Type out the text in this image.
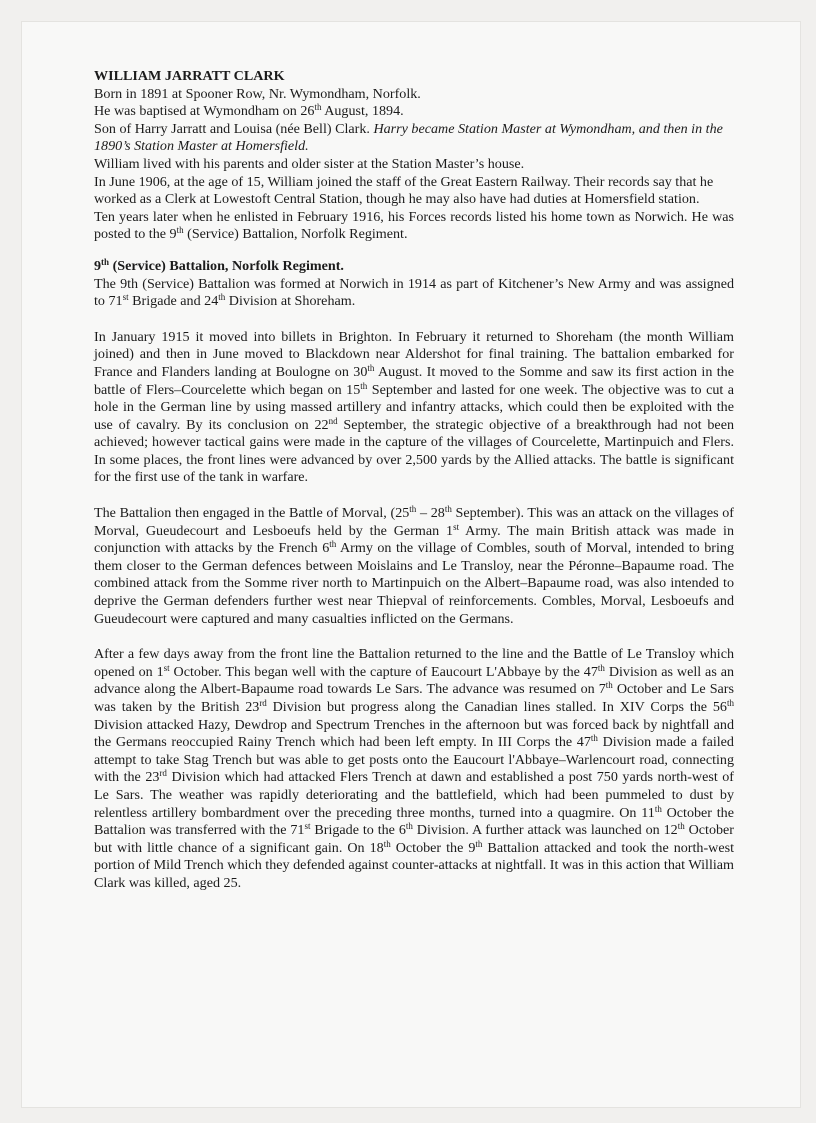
WILLIAM JARRATT CLARK

Born in 1891 at Spooner Row, Nr. Wymondham, Norfolk.

He was baptised at Wymondham on 26th August, 1894.

Son of Harry Jarratt and Louisa (née Bell) Clark. Harry became Station Master at Wymondham, and then in the 1890’s Station Master at Homersfield.

William lived with his parents and older sister at the Station Master’s house.

In June 1906, at the age of 15, William joined the staff of the Great Eastern Railway. Their records say that he worked as a Clerk at Lowestoft Central Station, though he may also have had duties at Homersfield station.

Ten years later when he enlisted in February 1916, his Forces records listed his home town as Norwich. He was posted to the 9th (Service) Battalion, Norfolk Regiment.

9th (Service) Battalion, Norfolk Regiment.

The 9th (Service) Battalion was formed at Norwich in 1914 as part of Kitchener’s New Army and was assigned to 71st Brigade and 24th Division at Shoreham.

In January 1915 it moved into billets in Brighton. In February it returned to Shoreham (the month William joined) and then in June moved to Blackdown near Aldershot for final training. The battalion embarked for France and Flanders landing at Boulogne on 30th August. It moved to the Somme and saw its first action in the battle of Flers–Courcelette which began on 15th September and lasted for one week. The objective was to cut a hole in the German line by using massed artillery and infantry attacks, which could then be exploited with the use of cavalry. By its conclusion on 22nd September, the strategic objective of a breakthrough had not been achieved; however tactical gains were made in the capture of the villages of Courcelette, Martinpuich and Flers. In some places, the front lines were advanced by over 2,500 yards by the Allied attacks. The battle is significant for the first use of the tank in warfare.

The Battalion then engaged in the Battle of Morval, (25th – 28th September). This was an attack on the villages of Morval, Gueudecourt and Lesboeufs held by the German 1st Army. The main British attack was made in conjunction with attacks by the French 6th Army on the village of Combles, south of Morval, intended to bring them closer to the German defences between Moislains and Le Transloy, near the Péronne–Bapaume road. The combined attack from the Somme river north to Martinpuich on the Albert–Bapaume road, was also intended to deprive the German defenders further west near Thiepval of reinforcements. Combles, Morval, Lesboeufs and Gueudecourt were captured and many casualties inflicted on the Germans.

After a few days away from the front line the Battalion returned to the line and the Battle of Le Transloy which opened on 1st October. This began well with the capture of Eaucourt L'Abbaye by the 47th Division as well as an advance along the Albert-Bapaume road towards Le Sars. The advance was resumed on 7th October and Le Sars was taken by the British 23rd Division but progress along the Canadian lines stalled. In XIV Corps the 56th Division attacked Hazy, Dewdrop and Spectrum Trenches in the afternoon but was forced back by nightfall and the Germans reoccupied Rainy Trench which had been left empty. In III Corps the 47th Division made a failed attempt to take Stag Trench but was able to get posts onto the Eaucourt l'Abbaye–Warlencourt road, connecting with the 23rd Division which had attacked Flers Trench at dawn and established a post 750 yards north-west of Le Sars. The weather was rapidly deteriorating and the battlefield, which had been pummeled to dust by relentless artillery bombardment over the preceding three months, turned into a quagmire. On 11th October the Battalion was transferred with the 71st Brigade to the 6th Division. A further attack was launched on 12th October but with little chance of a significant gain. On 18th October the 9th Battalion attacked and took the north-west portion of Mild Trench which they defended against counter-attacks at nightfall. It was in this action that William Clark was killed, aged 25.
